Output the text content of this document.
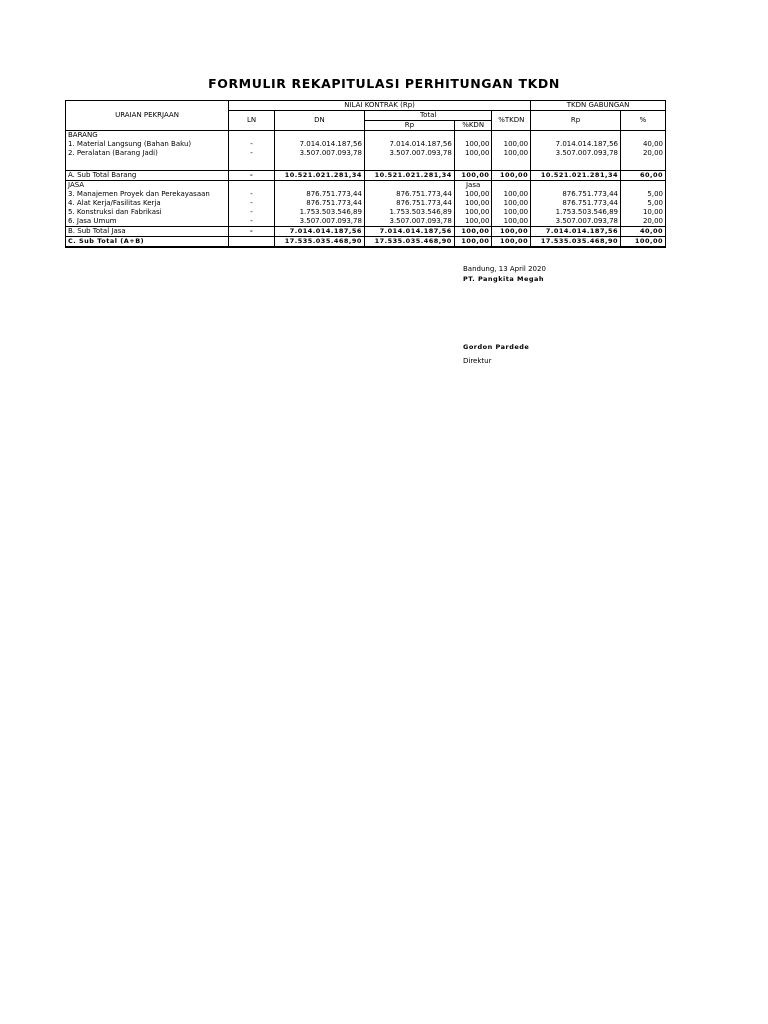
FORMULIR REKAPITULASI PERHITUNGAN TKDN
URAIAN PEKRJAAN	NILAI KONTRAK (Rp)					TKDN GABUNGAN	
	LN	DN	Total		%TKDN	Rp	%
			Rp	%KDN			
BARANG							
1. Material Langsung (Bahan Baku)	-	7.014.014.187,56	7.014.014.187,56	100,00	100,00	7.014.014.187,56	40,00
2. Peralatan (Barang Jadi)	-	3.507.007.093,78	3.507.007.093,78	100,00	100,00	3.507.007.093,78	20,00

A. Sub Total Barang	-	10.521.021.281,34	10.521.021.281,34	100,00	100,00	10.521.021.281,34	60,00
JASA				Jasa			
3. Manajemen Proyek dan Perekayasaan	-	876.751.773,44	876.751.773,44	100,00	100,00	876.751.773,44	5,00
4. Alat Kerja/Fasilitas Kerja	-	876.751.773,44	876.751.773,44	100,00	100,00	876.751.773,44	5,00
5. Konstruksi dan Fabrikasi	-	1.753.503.546,89	1.753.503.546,89	100,00	100,00	1.753.503.546,89	10,00
6. Jasa Umum	-	3.507.007.093,78	3.507.007.093,78	100,00	100,00	3.507.007.093,78	20,00
B. Sub Total Jasa	-	7.014.014.187,56	7.014.014.187,56	100,00	100,00	7.014.014.187,56	40,00
C. Sub Total (A+B)		17.535.035.468,90	17.535.035.468,90	100,00	100,00	17.535.035.468,90	100,00
Bandung, 13 April 2020
PT. Pangkita Megah
Gordon Pardede
Direktur
